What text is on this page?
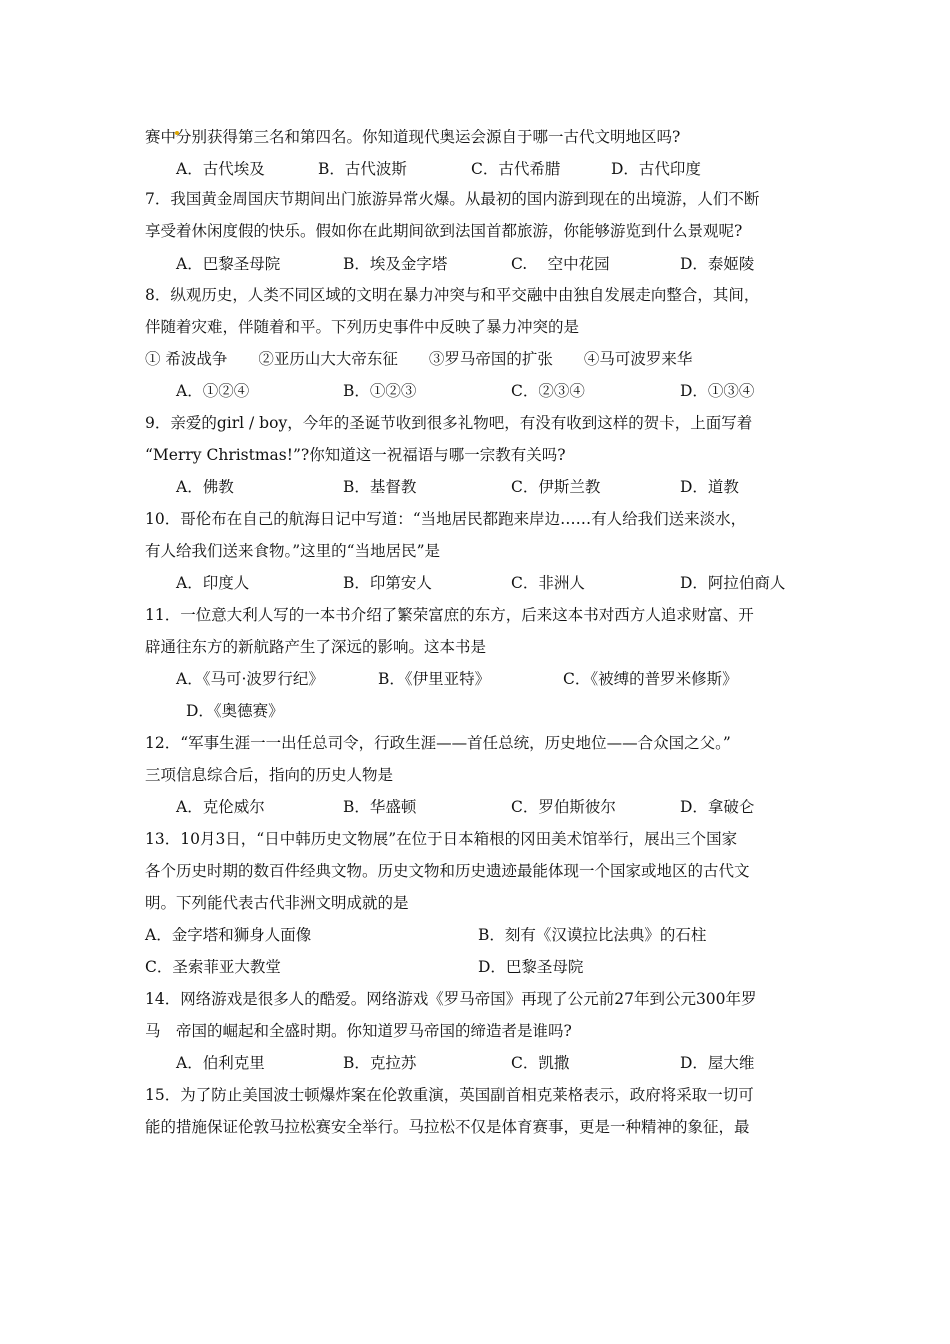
赛中分别获得第三名和第四名。你知道现代奥运会源自于哪一古代文明地区吗?
A．古代埃及	B．古代波斯	C．古代希腊	D．古代印度
7．我国黄金周国庆节期间出门旅游异常火爆。从最初的国内游到现在的出境游，人们不断
享受着休闲度假的快乐。假如你在此期间欲到法国首都旅游，你能够游览到什么景观呢?
A．巴黎圣母院	B．埃及金字塔	C.　 空中花园	D．泰姬陵
8．纵观历史，人类不同区域的文明在暴力冲突与和平交融中由独自发展走向整合，其间，
伴随着灾难，伴随着和平。下列历史事件中反映了暴力冲突的是
① 希波战争　　②亚历山大大帝东征　　③罗马帝国的扩张　　④马可波罗来华
A．①②④	B．①②③	C．②③④	D．①③④
9．亲爱的girl / boy，今年的圣诞节收到很多礼物吧，有没有收到这样的贺卡，上面写着
“Merry Christmas!”?你知道这一祝福语与哪一宗教有关吗?
A．佛教	B．基督教	C．伊斯兰教	D．道教
10．哥伦布在自己的航海日记中写道：“当地居民都跑来岸边……有人给我们送来淡水，
有人给我们送来食物。”这里的“当地居民”是
A．印度人	B．印第安人	C．非洲人	D．阿拉伯商人
11．一位意大利人写的一本书介绍了繁荣富庶的东方，后来这本书对西方人追求财富、开
辟通往东方的新航路产生了深远的影响。这本书是
A．《马可·波罗行纪》	B．《伊里亚特》	C．《被缚的普罗米修斯》
D．《奥德赛》
12．“军事生涯一一出任总司令，行政生涯——首任总统，历史地位——合众国之父。”
三项信息综合后，指向的历史人物是
A．克伦威尔	B．华盛顿	C．罗伯斯彼尔	D．拿破仑
13．10月3日，“日中韩历史文物展”在位于日本箱根的冈田美术馆举行，展出三个国家
各个历史时期的数百件经典文物。历史文物和历史遗迹最能体现一个国家或地区的古代文
明。下列能代表古代非洲文明成就的是
A．金字塔和狮身人面像	B．刻有《汉谟拉比法典》的石柱
C．圣索菲亚大教堂	D．巴黎圣母院
14．网络游戏是很多人的酷爱。网络游戏《罗马帝国》再现了公元前27年到公元300年罗
马　帝国的崛起和全盛时期。你知道罗马帝国的缔造者是谁吗?
A．伯利克里	B．克拉苏	C．凯撒	D．屋大维
15．为了防止美国波士顿爆炸案在伦敦重演，英国副首相克莱格表示，政府将采取一切可
能的措施保证伦敦马拉松赛安全举行。马拉松不仅是体育赛事，更是一种精神的象征，最
